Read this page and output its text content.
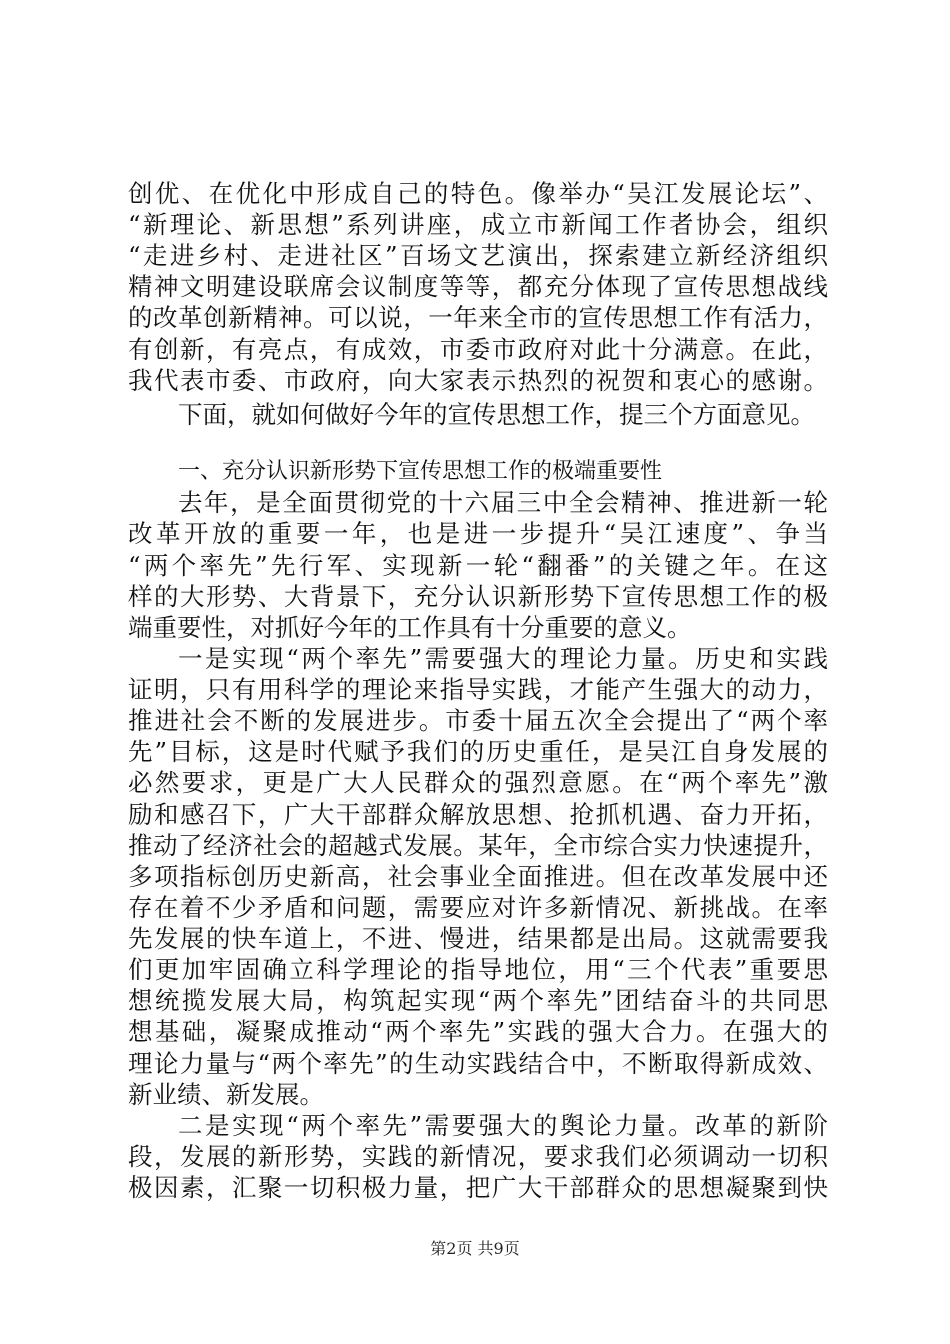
创优、在优化中形成自己的特色。像举办“吴江发展论坛”、
“新理论、新思想”系列讲座，成立市新闻工作者协会，组织
“走进乡村、走进社区”百场文艺演出，探索建立新经济组织
精神文明建设联席会议制度等等，都充分体现了宣传思想战线
的改革创新精神。可以说，一年来全市的宣传思想工作有活力，
有创新，有亮点，有成效，市委市政府对此十分满意。在此，
我代表市委、市政府，向大家表示热烈的祝贺和衷心的感谢。
下面，就如何做好今年的宣传思想工作，提三个方面意见。
一、充分认识新形势下宣传思想工作的极端重要性
去年，是全面贯彻党的十六届三中全会精神、推进新一轮
改革开放的重要一年，也是进一步提升“吴江速度”、争当
“两个率先”先行军、实现新一轮“翻番”的关键之年。在这
样的大形势、大背景下，充分认识新形势下宣传思想工作的极
端重要性，对抓好今年的工作具有十分重要的意义。
一是实现“两个率先”需要强大的理论力量。历史和实践
证明，只有用科学的理论来指导实践，才能产生强大的动力，
推进社会不断的发展进步。市委十届五次全会提出了“两个率
先”目标，这是时代赋予我们的历史重任，是吴江自身发展的
必然要求，更是广大人民群众的强烈意愿。在“两个率先”激
励和感召下，广大干部群众解放思想、抢抓机遇、奋力开拓，
推动了经济社会的超越式发展。某年，全市综合实力快速提升，
多项指标创历史新高，社会事业全面推进。但在改革发展中还
存在着不少矛盾和问题，需要应对许多新情况、新挑战。在率
先发展的快车道上，不进、慢进，结果都是出局。这就需要我
们更加牢固确立科学理论的指导地位，用“三个代表”重要思
想统揽发展大局，构筑起实现“两个率先”团结奋斗的共同思
想基础，凝聚成推动“两个率先”实践的强大合力。在强大的
理论力量与“两个率先”的生动实践结合中，不断取得新成效、
新业绩、新发展。
二是实现“两个率先”需要强大的舆论力量。改革的新阶
段，发展的新形势，实践的新情况，要求我们必须调动一切积
极因素，汇聚一切积极力量，把广大干部群众的思想凝聚到快
第2页 共9页
